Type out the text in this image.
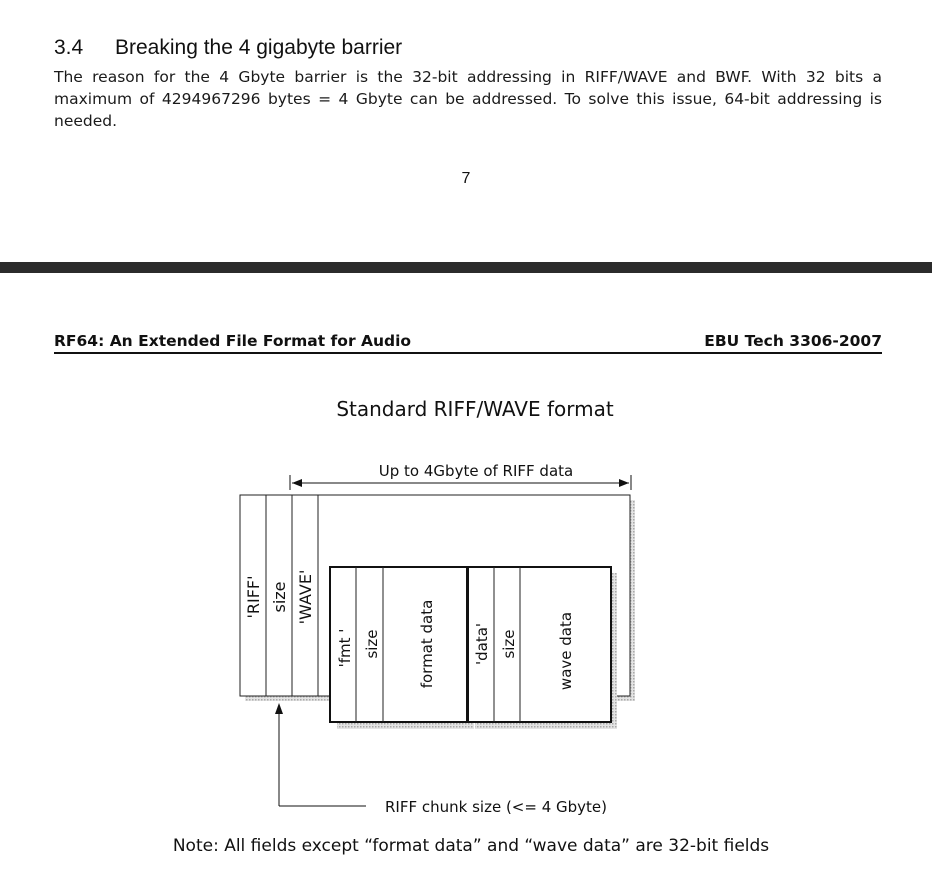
3.4 Breaking the 4 gigabyte barrier
The reason for the 4 Gbyte barrier is the 32-bit addressing in RIFF/WAVE and BWF. With 32 bits a maximum of 4294967296 bytes = 4 Gbyte can be addressed. To solve this issue, 64-bit addressing is needed.
7
RF64: An Extended File Format for Audio	EBU Tech 3306-2007
Standard RIFF/WAVE format
Up to 4Gbyte of RIFF data
'RIFF' size 'WAVE'
'fmt ' size format data 'data' size	wave data
RIFF chunk size (<= 4 Gbyte)
Note: All fields except “format data” and “wave data” are 32-bit fields
